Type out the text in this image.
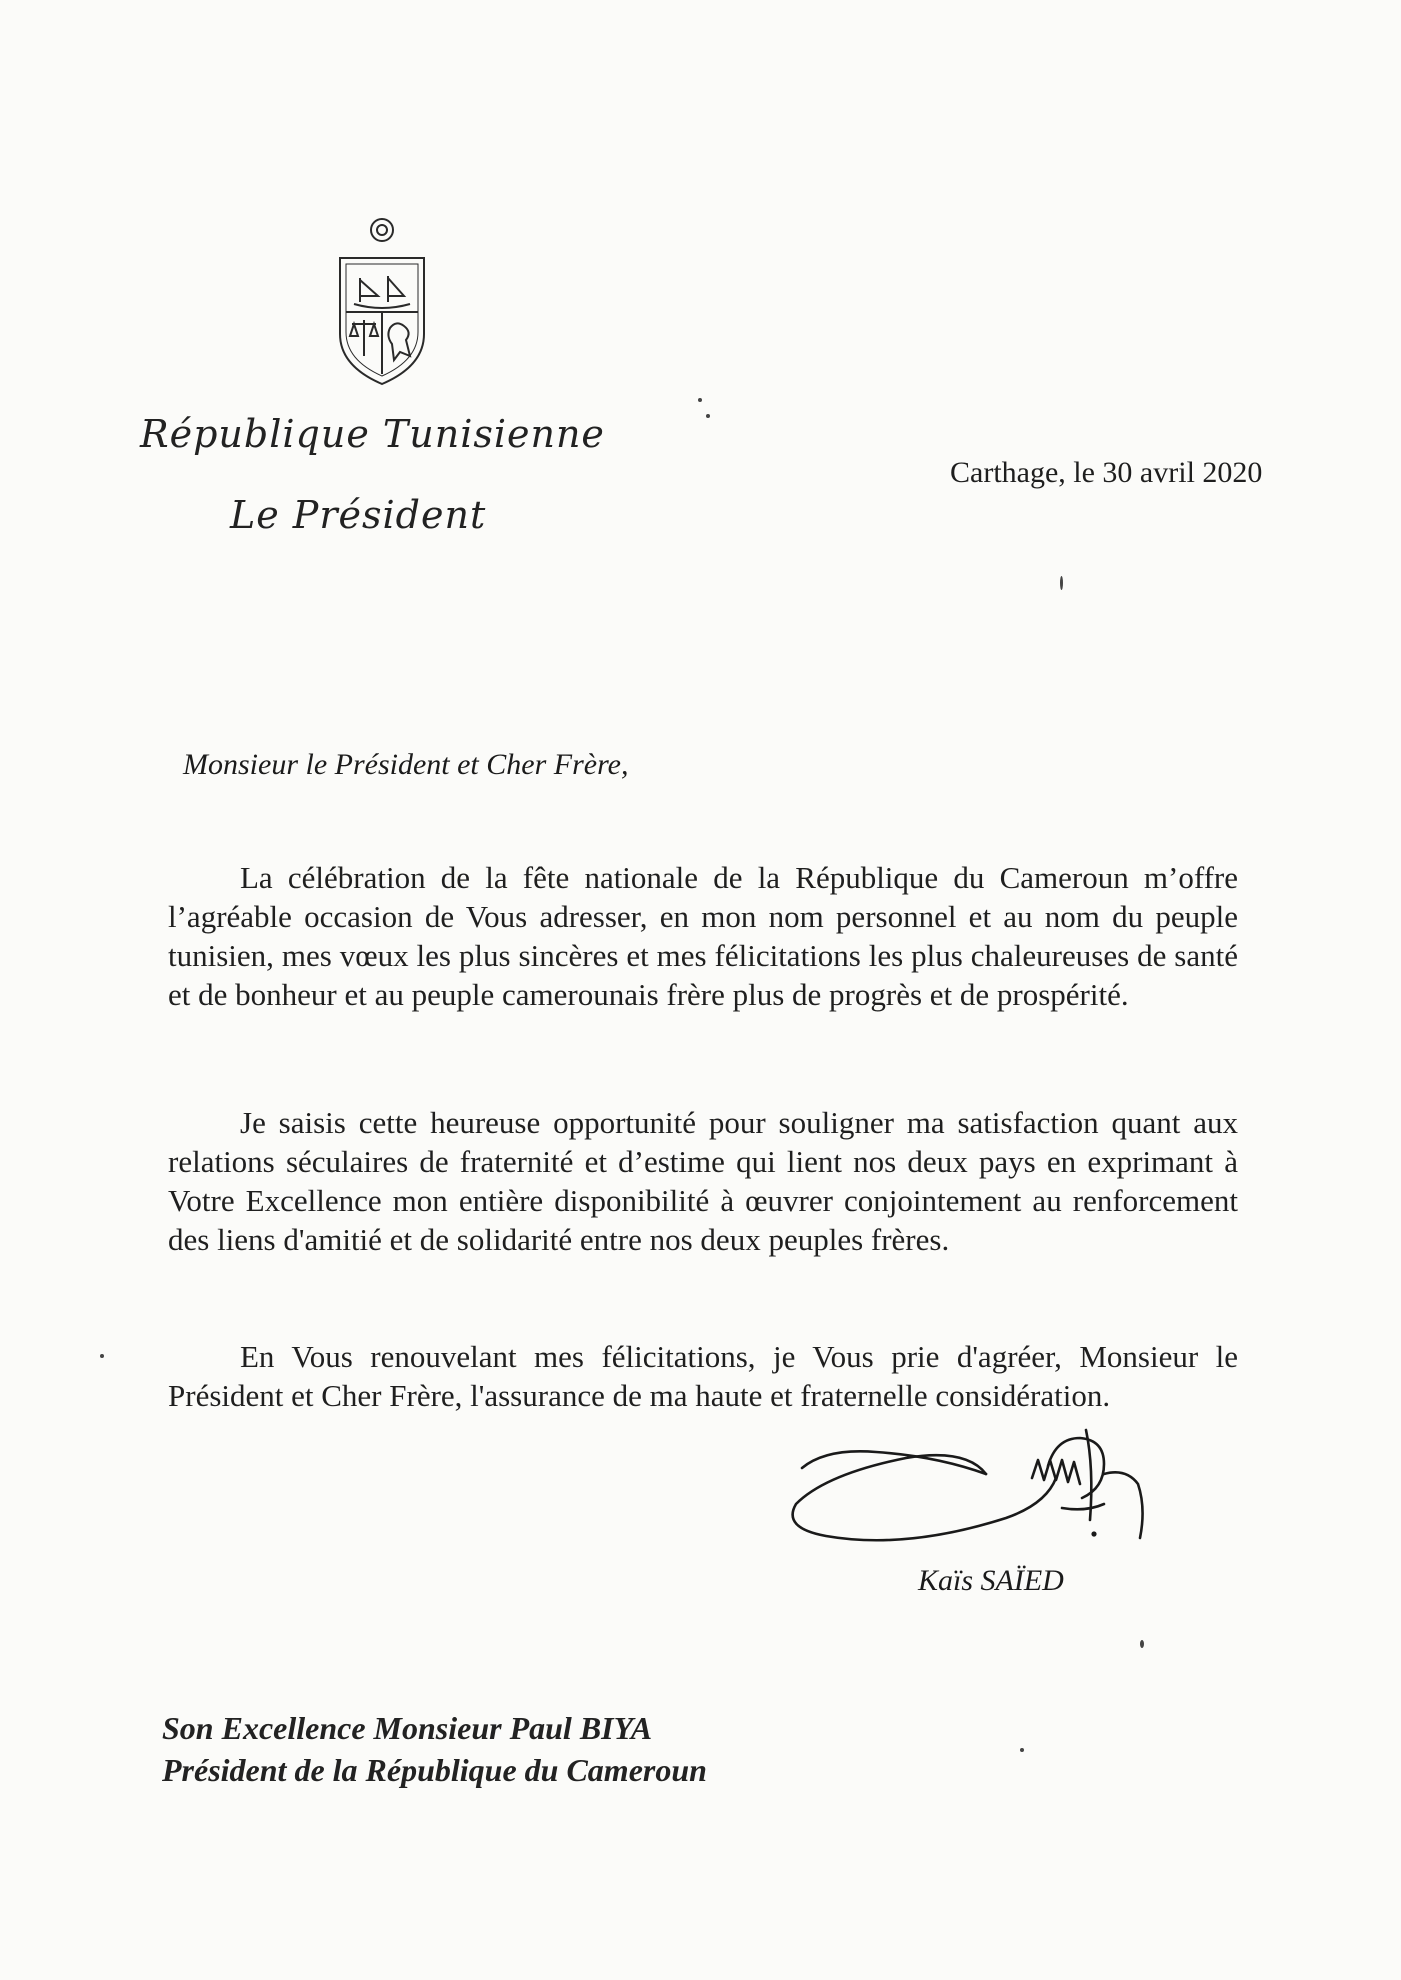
République Tunisienne
Le Président
Carthage, le 30 avril 2020
Monsieur le Président et Cher Frère,

La célébration de la fête nationale de la République du Cameroun m’offre l’agréable occasion de Vous adresser, en mon nom personnel et au nom du peuple tunisien, mes vœux les plus sincères et mes félicitations les plus chaleureuses de santé et de bonheur et au peuple camerounais frère plus de progrès et de prospérité.

Je saisis cette heureuse opportunité pour souligner ma satisfaction quant aux relations séculaires de fraternité et d’estime qui lient nos deux pays en exprimant à Votre Excellence mon entière disponibilité à œuvrer conjointement au renforcement des liens d'amitié et de solidarité entre nos deux peuples frères.

En Vous renouvelant mes félicitations, je Vous prie d'agréer, Monsieur le Président et Cher Frère, l'assurance de ma haute et fraternelle considération.

Kaïs SAÏED
Son Excellence Monsieur Paul BIYA
Président de la République du Cameroun
